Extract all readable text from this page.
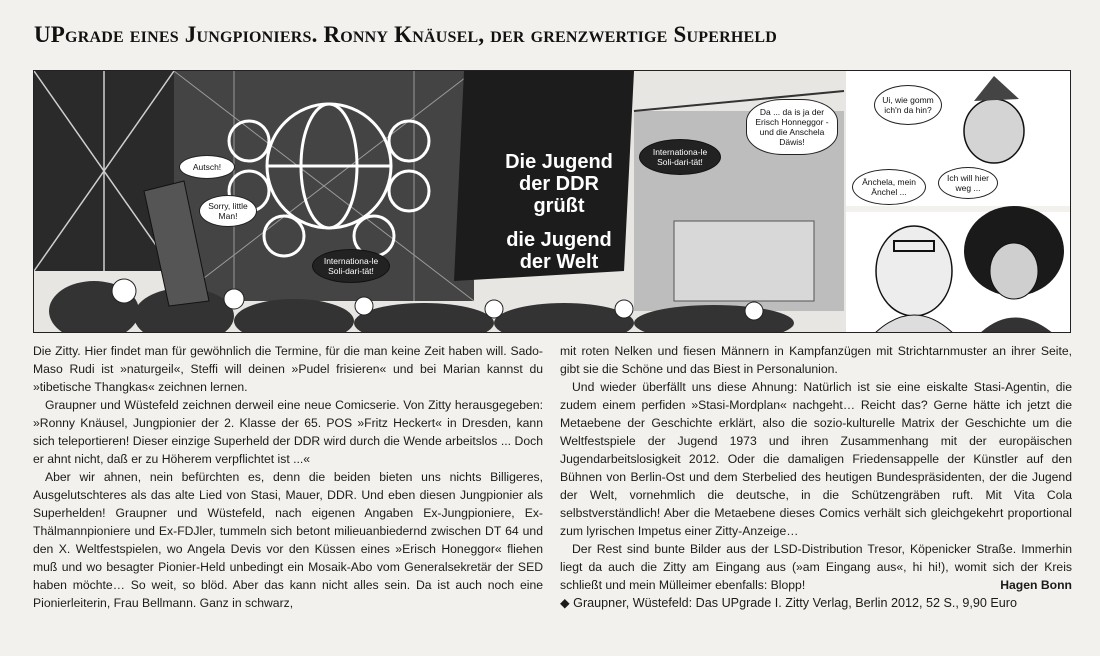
UPgrade eines Jungpioniers. Ronny Knäusel, der grenzwertige Superheld
Die Jugend
der DDR
grüßt
die Jugend
der Welt
Autsch!
Sorry, little Man!
Internationa-le Soli-dari-tät!
Internationa-le Soli-dari-tät!
Da ... da is ja der Erisch Honneggor - und die Anschela Däwis!
Ui, wie gomm ich'n da hin?
Änchela, mein Änchel ...
Ich will hier weg ...

Die Zitty. Hier findet man für gewöhnlich die Termine, für die man keine Zeit haben will. Sado-Maso Rudi ist »naturgeil«, Steffi will deinen »Pudel frisieren« und bei Marian kannst du »tibetische Thangkas« zeichnen lernen.

Graupner und Wüstefeld zeichnen derweil eine neue Comicserie. Von Zitty herausgegeben: »Ronny Knäusel, Jungpionier der 2. Klasse der 65. POS »Fritz Heckert« in Dresden, kann sich teleportieren! Dieser einzige Superheld der DDR wird durch die Wende arbeitslos ... Doch er ahnt nicht, daß er zu Höherem verpflichtet ist ...«

Aber wir ahnen, nein befürchten es, denn die beiden bieten uns nichts Billigeres, Ausgelutschteres als das alte Lied von Stasi, Mauer, DDR. Und eben diesen Jungpionier als Superhelden! Graupner und Wüstefeld, nach eigenen Angaben Ex-Jungpioniere, Ex-Thälmannpioniere und Ex-FDJler, tummeln sich betont milieuanbiedernd zwischen DT 64 und den X. Weltfestspielen, wo Angela Devis vor den Küssen eines »Erisch Honeggor« fliehen muß und wo besagter Pionier-Held unbedingt ein Mosaik-Abo vom Generalsekretär der SED haben möchte… So weit, so blöd. Aber das kann nicht alles sein. Da ist auch noch eine Pionierleiterin, Frau Bellmann. Ganz in schwarz,

mit roten Nelken und fiesen Männern in Kampfanzügen mit Strichtarnmuster an ihrer Seite, gibt sie die Schöne und das Biest in Personalunion.

Und wieder überfällt uns diese Ahnung: Natürlich ist sie eine eiskalte Stasi-Agentin, die zudem einem perfiden »Stasi-Mordplan« nachgeht… Reicht das? Gerne hätte ich jetzt die Metaebene der Geschichte erklärt, also die sozio-kulturelle Matrix der Geschichte um die Weltfestspiele der Jugend 1973 und ihren Zusammenhang mit der europäischen Jugendarbeitslosigkeit 2012. Oder die damaligen Friedensappelle der Künstler auf den Bühnen von Berlin-Ost und dem Sterbelied des heutigen Bundespräsidenten, der die Jugend der Welt, vornehmlich die deutsche, in die Schützengräben ruft. Mit Vita Cola selbstverständlich! Aber die Metaebene dieses Comics verhält sich gleichgekehrt proportional zum lyrischen Impetus einer Zitty-Anzeige…

Der Rest sind bunte Bilder aus der LSD-Distribution Tresor, Köpenicker Straße. Immerhin liegt da auch die Zitty am Eingang aus (»am Eingang aus«, hi hi!), womit sich der Kreis schließt und mein Mülleimer ebenfalls: Blopp!	Hagen Bonn

◆ Graupner, Wüstefeld: Das UPgrade I. Zitty Verlag, Berlin 2012, 52 S., 9,90 Euro
